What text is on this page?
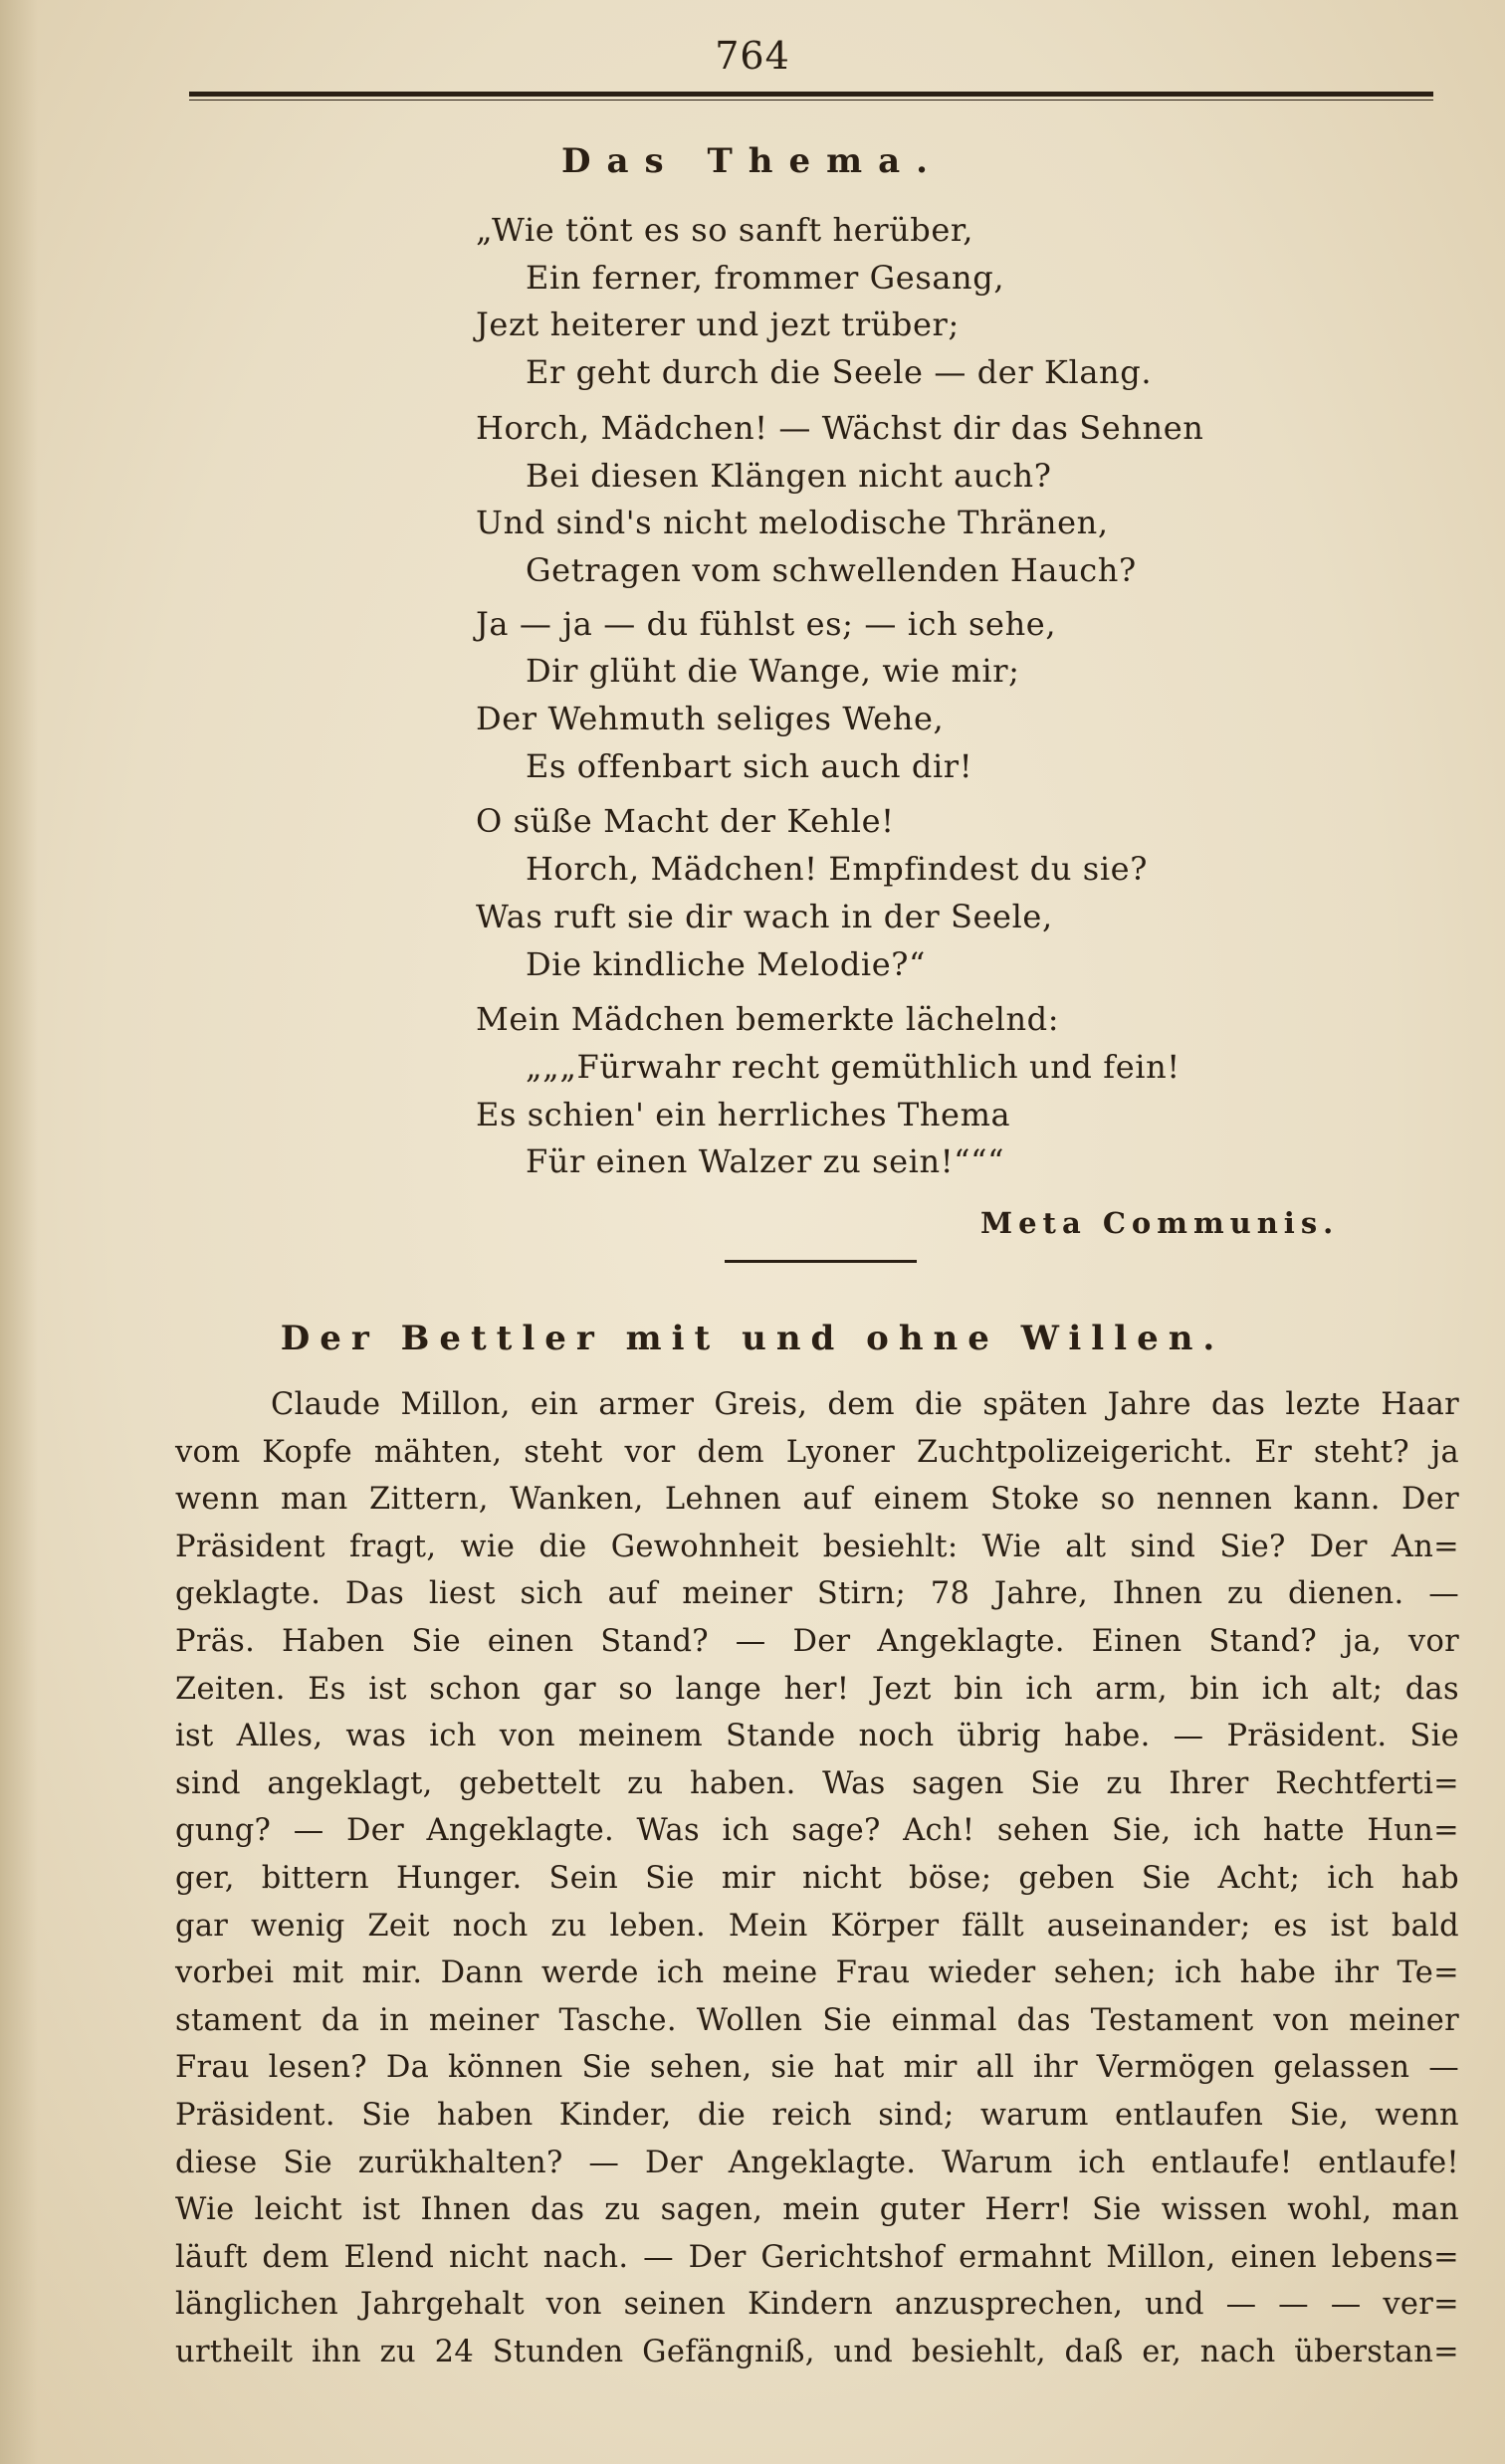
764
Das Thema.
„Wie tönt es so sanft herüber,
Ein ferner, frommer Gesang,
Jezt heiterer und jezt trüber;
Er geht durch die Seele — der Klang.
Horch, Mädchen! — Wächst dir das Sehnen
Bei diesen Klängen nicht auch?
Und sind's nicht melodische Thränen,
Getragen vom schwellenden Hauch?
Ja — ja — du fühlst es; — ich sehe,
Dir glüht die Wange, wie mir;
Der Wehmuth seliges Wehe,
Es offenbart sich auch dir!
O süße Macht der Kehle!
Horch, Mädchen! Empfindest du sie?
Was ruft sie dir wach in der Seele,
Die kindliche Melodie?“
Mein Mädchen bemerkte lächelnd:
„„„Fürwahr recht gemüthlich und fein!
Es schien' ein herrliches Thema
Für einen Walzer zu sein!“““
Meta Communis.
Der Bettler mit und ohne Willen.
Claude Millon, ein armer Greis, dem die späten Jahre das lezte Haar
vom Kopfe mähten, steht vor dem Lyoner Zuchtpolizeigericht. Er steht? ja
wenn man Zittern, Wanken, Lehnen auf einem Stoke so nennen kann. Der
Präsident fragt, wie die Gewohnheit besiehlt: Wie alt sind Sie? Der An=
geklagte. Das liest sich auf meiner Stirn; 78 Jahre, Ihnen zu dienen. —
Präs. Haben Sie einen Stand? — Der Angeklagte. Einen Stand? ja, vor
Zeiten. Es ist schon gar so lange her! Jezt bin ich arm, bin ich alt; das
ist Alles, was ich von meinem Stande noch übrig habe. — Präsident. Sie
sind angeklagt, gebettelt zu haben. Was sagen Sie zu Ihrer Rechtferti=
gung? — Der Angeklagte. Was ich sage? Ach! sehen Sie, ich hatte Hun=
ger, bittern Hunger. Sein Sie mir nicht böse; geben Sie Acht; ich hab
gar wenig Zeit noch zu leben. Mein Körper fällt auseinander; es ist bald
vorbei mit mir. Dann werde ich meine Frau wieder sehen; ich habe ihr Te=
stament da in meiner Tasche. Wollen Sie einmal das Testament von meiner
Frau lesen? Da können Sie sehen, sie hat mir all ihr Vermögen gelassen —
Präsident. Sie haben Kinder, die reich sind; warum entlaufen Sie, wenn
diese Sie zurükhalten? — Der Angeklagte. Warum ich entlaufe! entlaufe!
Wie leicht ist Ihnen das zu sagen, mein guter Herr! Sie wissen wohl, man
läuft dem Elend nicht nach. — Der Gerichtshof ermahnt Millon, einen lebens=
länglichen Jahrgehalt von seinen Kindern anzusprechen, und — — — ver=
urtheilt ihn zu 24 Stunden Gefängniß, und besiehlt, daß er, nach überstan=
